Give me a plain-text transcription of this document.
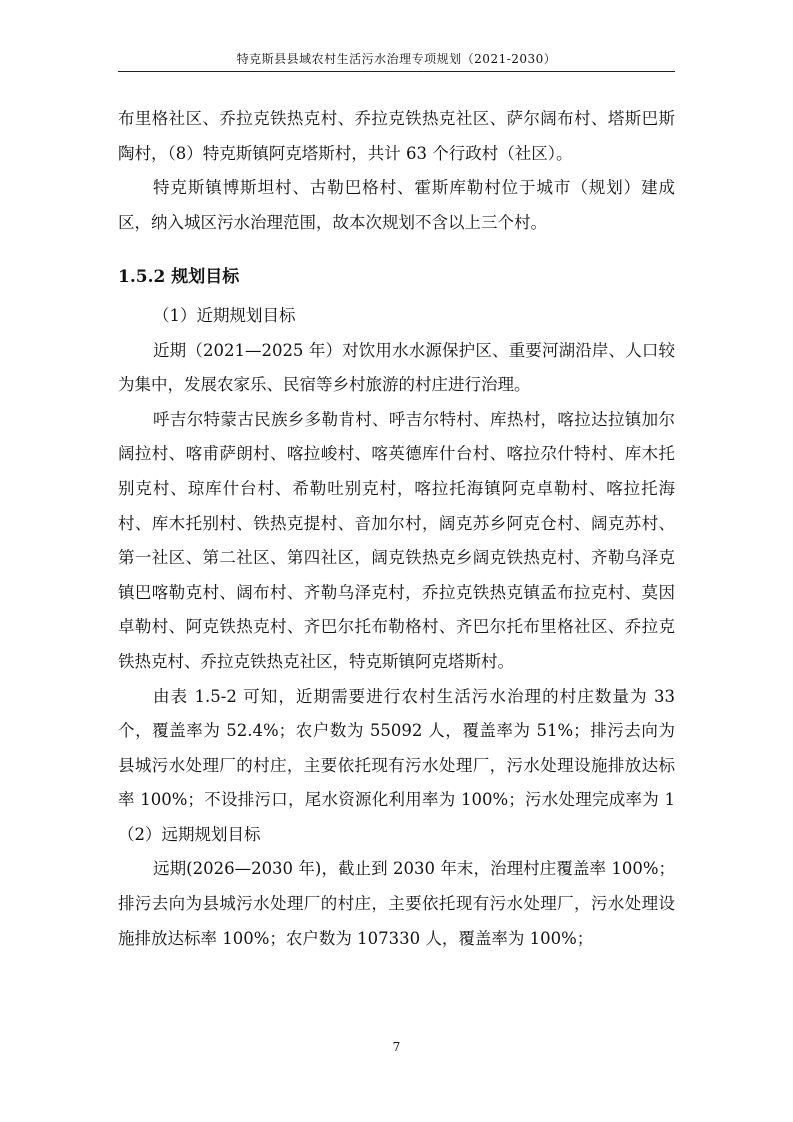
特克斯县县域农村生活污水治理专项规划（2021-2030）

布里格社区、乔拉克铁热克村、乔拉克铁热克社区、萨尔阔布村、塔斯巴斯陶村，（8）特克斯镇阿克塔斯村，共计 63 个行政村（社区）。

特克斯镇博斯坦村、古勒巴格村、霍斯库勒村位于城市（规划）建成区，纳入城区污水治理范围，故本次规划不含以上三个村。

1.5.2 规划目标

（1）近期规划目标

近期（2021—2025 年）对饮用水水源保护区、重要河湖沿岸、人口较为集中，发展农家乐、民宿等乡村旅游的村庄进行治理。

呼吉尔特蒙古民族乡多勒肯村、呼吉尔特村、库热村，喀拉达拉镇加尔阔拉村、喀甫萨朗村、喀拉峻村、喀英德库什台村、喀拉尕什特村、库木托别克村、琼库什台村、希勒吐别克村，喀拉托海镇阿克卓勒村、喀拉托海村、库木托别村、铁热克提村、音加尔村，阔克苏乡阿克仓村、阔克苏村、第一社区、第二社区、第四社区，阔克铁热克乡阔克铁热克村、齐勒乌泽克镇巴喀勒克村、阔布村、齐勒乌泽克村，乔拉克铁热克镇孟布拉克村、莫因卓勒村、阿克铁热克村、齐巴尔托布勒格村、齐巴尔托布里格社区、乔拉克铁热克村、乔拉克铁热克社区，特克斯镇阿克塔斯村。

由表 1.5-2 可知，近期需要进行农村生活污水治理的村庄数量为 33 个，覆盖率为 52.4%；农户数为 55092 人，覆盖率为 51%；排污去向为县城污水处理厂的村庄，主要依托现有污水处理厂，污水处理设施排放达标率 100%；不设排污口，尾水资源化利用率为 100%；污水处理完成率为 1（2）远期规划目标

远期(2026—2030 年)，截止到 2030 年末，治理村庄覆盖率 100%；排污去向为县城污水处理厂的村庄，主要依托现有污水处理厂，污水处理设施排放达标率 100%；农户数为 107330 人，覆盖率为 100%；

7
